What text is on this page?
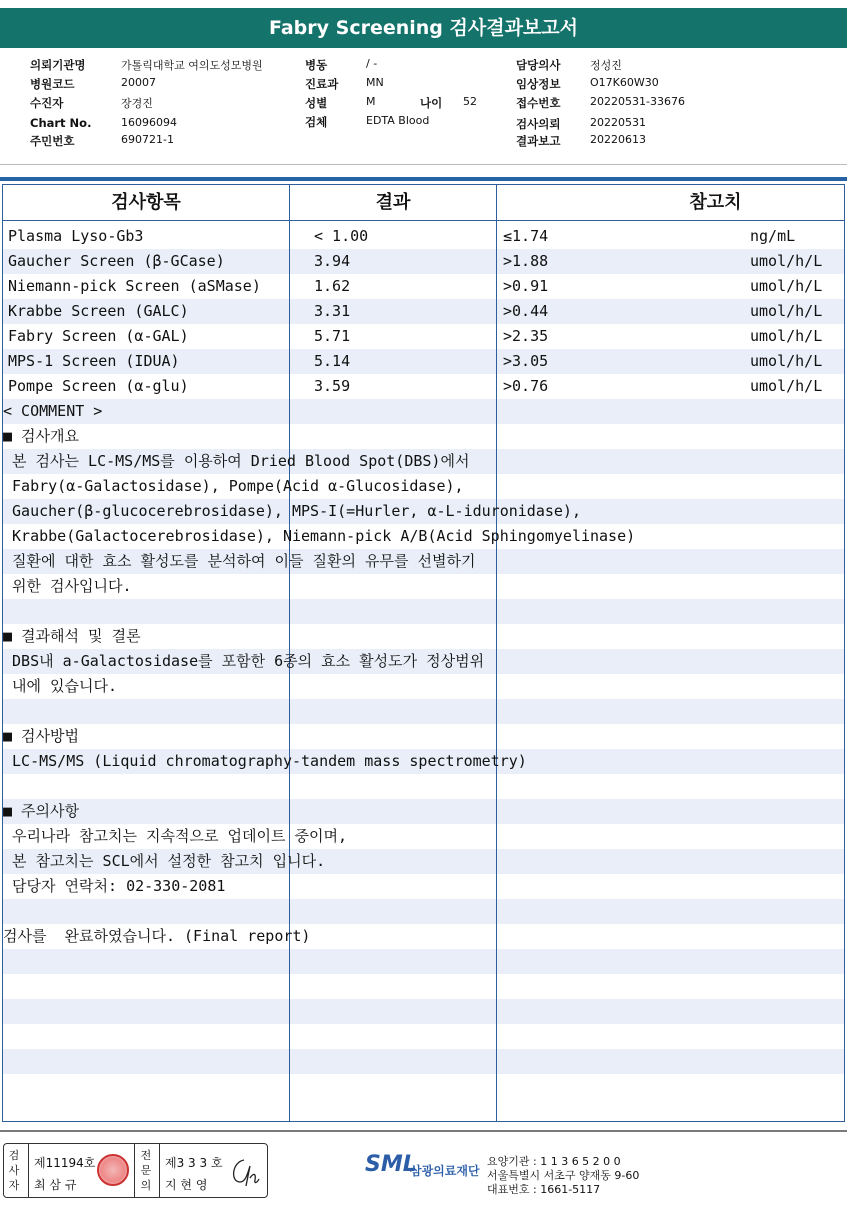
Fabry Screening 검사결과보고서
의뢰기관명	가톨릭대학교 여의도성모병원
병원코드	20007
수진자	장경진
Chart No.	16096094
주민번호	690721-1
병동	/ -
진료과	MN
성별	M	나이 52
검체	EDTA Blood
담당의사	정성진
임상정보	O17K60W30
접수번호	20220531-33676
검사의뢰	20220531
결과보고	20220613
검사항목	결과	참고치
Plasma Lyso-Gb3	< 1.00	≤1.74	ng/mL
Gaucher Screen (β-GCase)	3.94	>1.88	umol/h/L
Niemann-pick Screen (aSMase)	1.62	>0.91	umol/h/L
Krabbe Screen (GALC)	3.31	>0.44	umol/h/L
Fabry Screen (α-GAL)	5.71	>2.35	umol/h/L
MPS-1 Screen (IDUA)	5.14	>3.05	umol/h/L
Pompe Screen (α-glu)	3.59	>0.76	umol/h/L
< COMMENT >
■ 검사개요
본 검사는 LC-MS/MS를 이용하여 Dried Blood Spot(DBS)에서
Fabry(α-Galactosidase), Pompe(Acid α-Glucosidase),
Gaucher(β-glucocerebrosidase), MPS-I(=Hurler, α-L-iduronidase),
Krabbe(Galactocerebrosidase), Niemann-pick A/B(Acid Sphingomyelinase)
질환에 대한 효소 활성도를 분석하여 이들 질환의 유무를 선별하기
위한 검사입니다.
■ 결과해석 및 결론
DBS내 a-Galactosidase를 포함한 6종의 효소 활성도가 정상범위
내에 있습니다.
■ 검사방법
LC-MS/MS (Liquid chromatography-tandem mass spectrometry)
■ 주의사항
우리나라 참고치는 지속적으로 업데이트 중이며,
본 참고치는 SCL에서 설정한 참고치 입니다.
담당자 연락처: 02-330-2081
검사를  완료하였습니다. (Final report)
검사자
제11194호
최 삼 규
전문의
제3 3 3 호
지 현 영
SML
삼광의료재단
요양기관 : 1 1 3 6 5 2 0 0
서울특별시 서초구 양재동 9-60
대표번호 : 1661-5117
